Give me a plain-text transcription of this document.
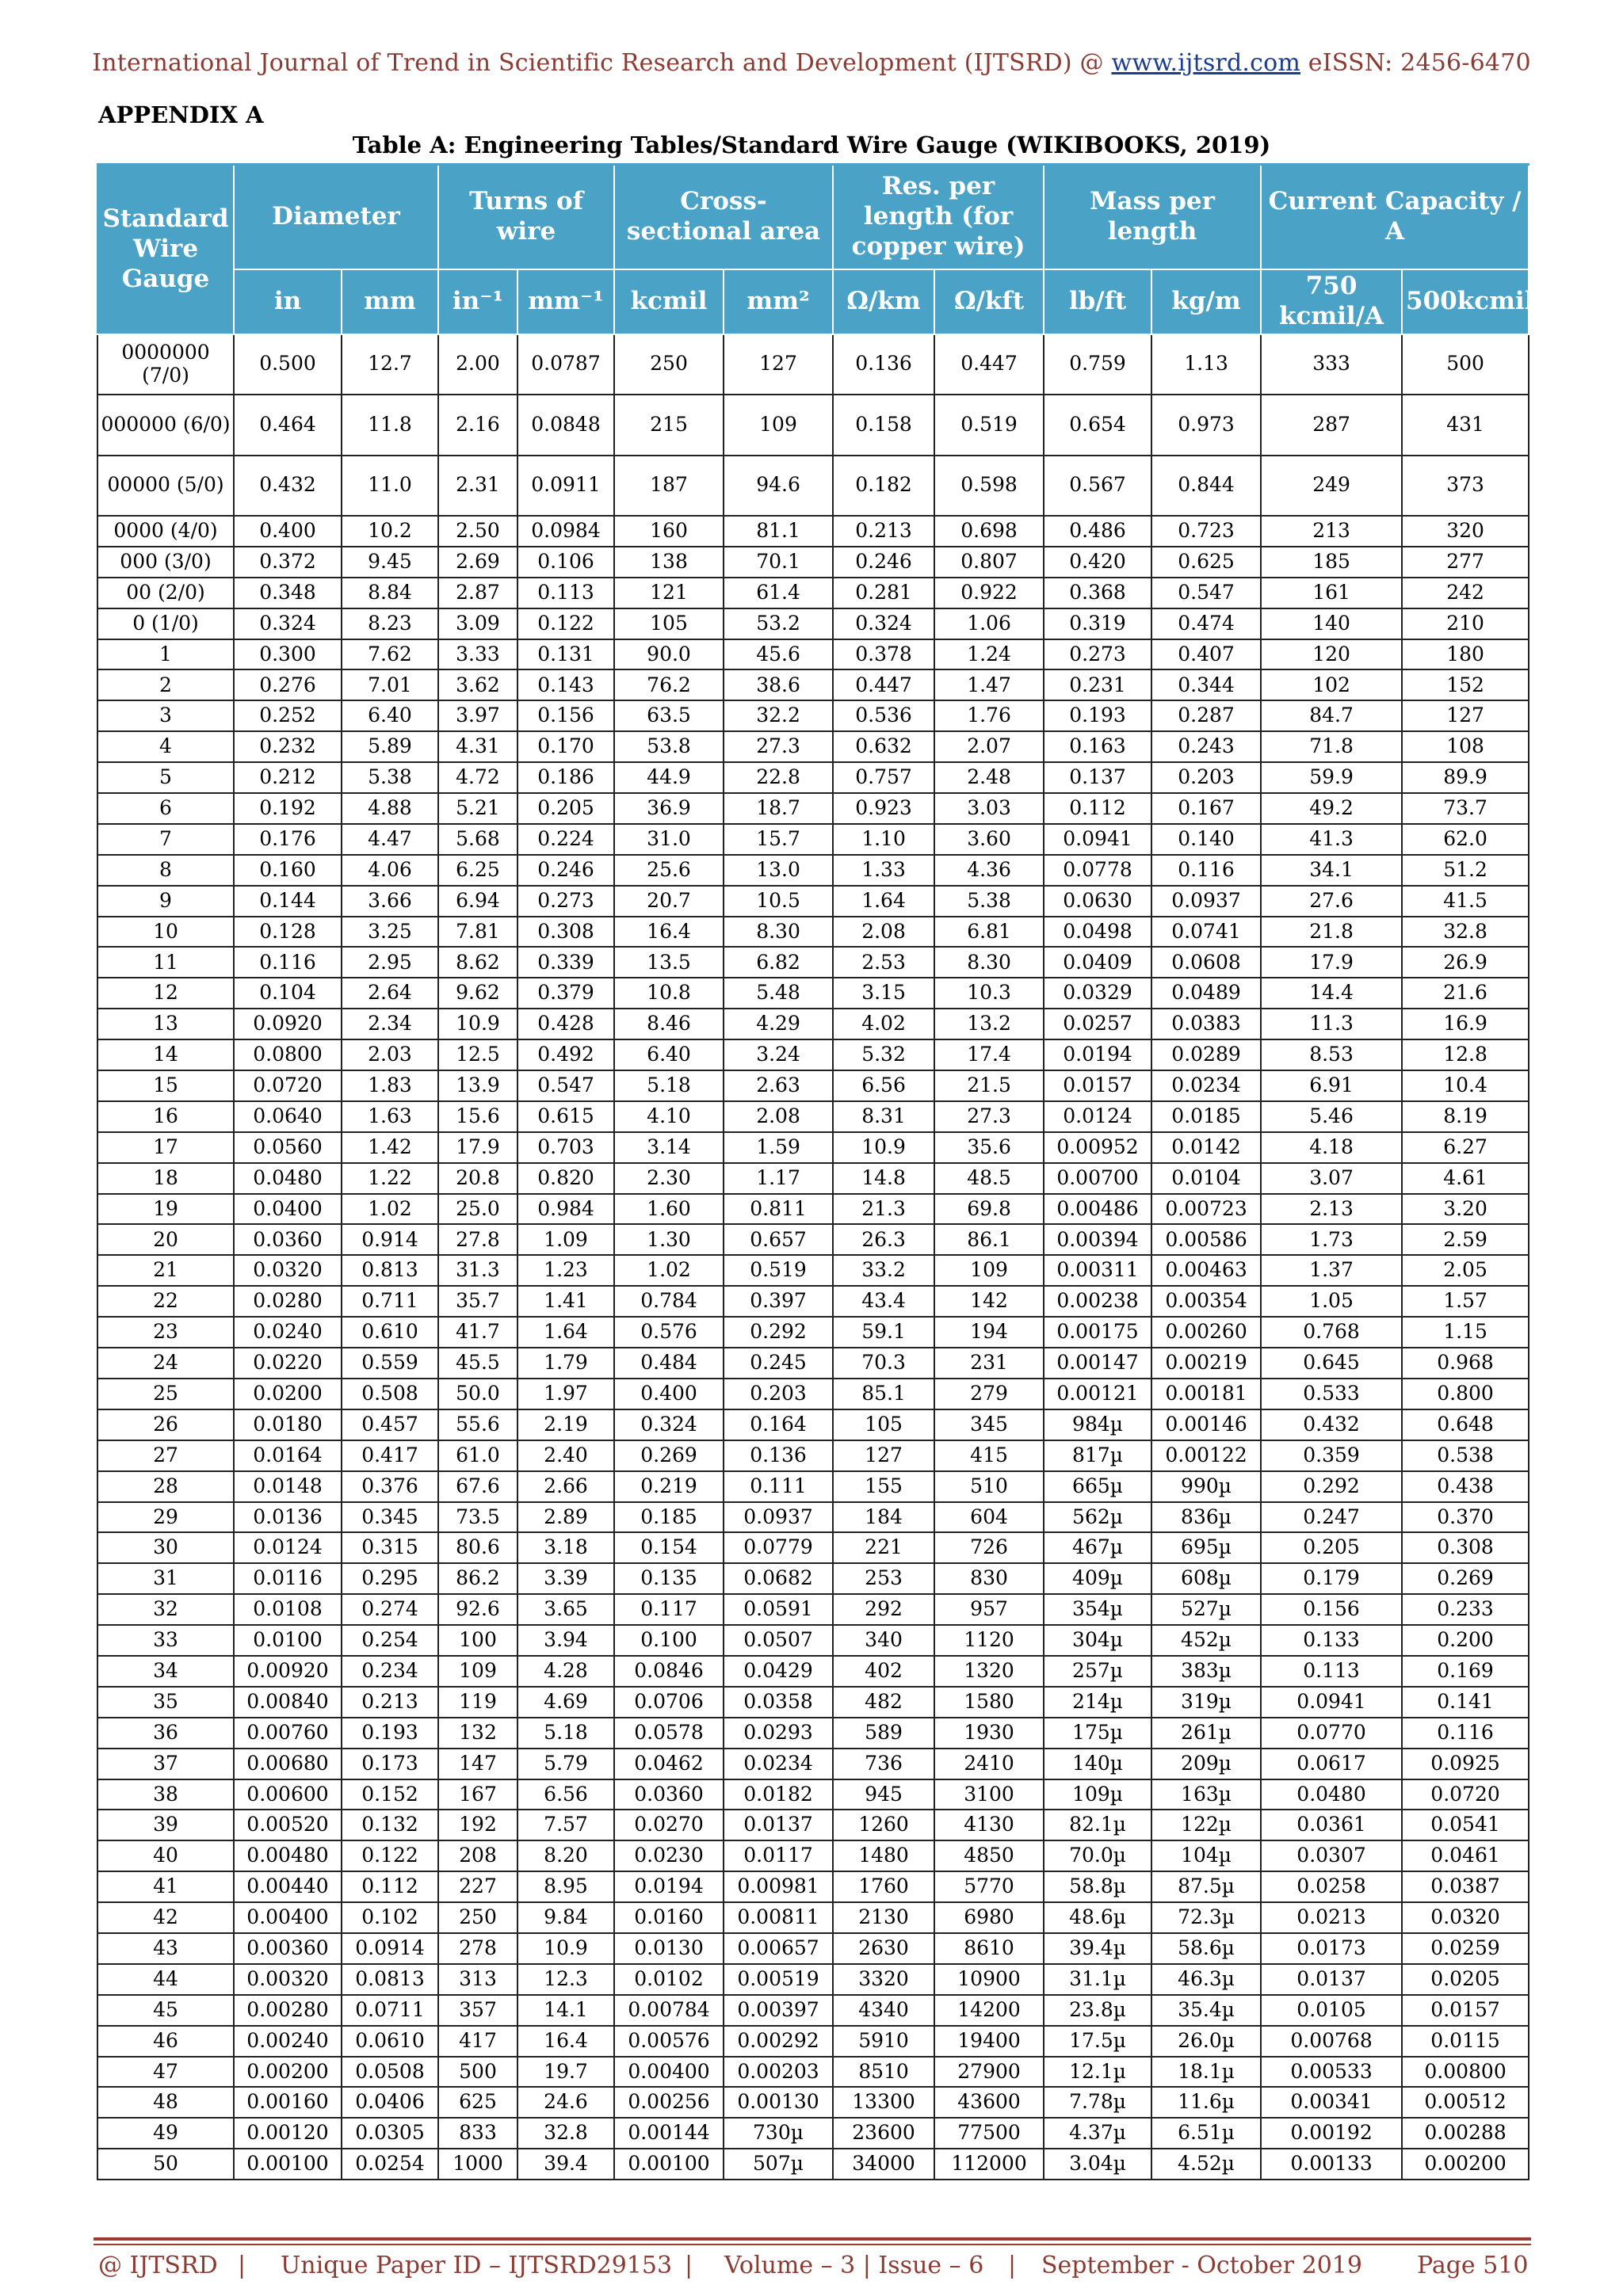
International Journal of Trend in Scientific Research and Development (IJTSRD) @ www.ijtsrd.com eISSN: 2456-6470
APPENDIX A
Table A: Engineering Tables/Standard Wire Gauge (WIKIBOOKS, 2019)
Standard Wire Gauge	Diameter		Turns of wire		Cross-sectional area		Res. per length (for copper wire)		Mass per length		Current Capacity / A	
	in	mm	in⁻¹	mm⁻¹	kcmil	mm²	Ω/km	Ω/kft	lb/ft	kg/m	750 kcmil/A	500kcmil/A
0000000 (7/0)	0.500	12.7	2.00	0.0787	250	127	0.136	0.447	0.759	1.13	333	500
000000 (6/0)	0.464	11.8	2.16	0.0848	215	109	0.158	0.519	0.654	0.973	287	431
00000 (5/0)	0.432	11.0	2.31	0.0911	187	94.6	0.182	0.598	0.567	0.844	249	373
0000 (4/0)	0.400	10.2	2.50	0.0984	160	81.1	0.213	0.698	0.486	0.723	213	320
000 (3/0)	0.372	9.45	2.69	0.106	138	70.1	0.246	0.807	0.420	0.625	185	277
00 (2/0)	0.348	8.84	2.87	0.113	121	61.4	0.281	0.922	0.368	0.547	161	242
0 (1/0)	0.324	8.23	3.09	0.122	105	53.2	0.324	1.06	0.319	0.474	140	210
1	0.300	7.62	3.33	0.131	90.0	45.6	0.378	1.24	0.273	0.407	120	180
2	0.276	7.01	3.62	0.143	76.2	38.6	0.447	1.47	0.231	0.344	102	152
3	0.252	6.40	3.97	0.156	63.5	32.2	0.536	1.76	0.193	0.287	84.7	127
4	0.232	5.89	4.31	0.170	53.8	27.3	0.632	2.07	0.163	0.243	71.8	108
5	0.212	5.38	4.72	0.186	44.9	22.8	0.757	2.48	0.137	0.203	59.9	89.9
6	0.192	4.88	5.21	0.205	36.9	18.7	0.923	3.03	0.112	0.167	49.2	73.7
7	0.176	4.47	5.68	0.224	31.0	15.7	1.10	3.60	0.0941	0.140	41.3	62.0
8	0.160	4.06	6.25	0.246	25.6	13.0	1.33	4.36	0.0778	0.116	34.1	51.2
9	0.144	3.66	6.94	0.273	20.7	10.5	1.64	5.38	0.0630	0.0937	27.6	41.5
10	0.128	3.25	7.81	0.308	16.4	8.30	2.08	6.81	0.0498	0.0741	21.8	32.8
11	0.116	2.95	8.62	0.339	13.5	6.82	2.53	8.30	0.0409	0.0608	17.9	26.9
12	0.104	2.64	9.62	0.379	10.8	5.48	3.15	10.3	0.0329	0.0489	14.4	21.6
13	0.0920	2.34	10.9	0.428	8.46	4.29	4.02	13.2	0.0257	0.0383	11.3	16.9
14	0.0800	2.03	12.5	0.492	6.40	3.24	5.32	17.4	0.0194	0.0289	8.53	12.8
15	0.0720	1.83	13.9	0.547	5.18	2.63	6.56	21.5	0.0157	0.0234	6.91	10.4
16	0.0640	1.63	15.6	0.615	4.10	2.08	8.31	27.3	0.0124	0.0185	5.46	8.19
17	0.0560	1.42	17.9	0.703	3.14	1.59	10.9	35.6	0.00952	0.0142	4.18	6.27
18	0.0480	1.22	20.8	0.820	2.30	1.17	14.8	48.5	0.00700	0.0104	3.07	4.61
19	0.0400	1.02	25.0	0.984	1.60	0.811	21.3	69.8	0.00486	0.00723	2.13	3.20
20	0.0360	0.914	27.8	1.09	1.30	0.657	26.3	86.1	0.00394	0.00586	1.73	2.59
21	0.0320	0.813	31.3	1.23	1.02	0.519	33.2	109	0.00311	0.00463	1.37	2.05
22	0.0280	0.711	35.7	1.41	0.784	0.397	43.4	142	0.00238	0.00354	1.05	1.57
23	0.0240	0.610	41.7	1.64	0.576	0.292	59.1	194	0.00175	0.00260	0.768	1.15
24	0.0220	0.559	45.5	1.79	0.484	0.245	70.3	231	0.00147	0.00219	0.645	0.968
25	0.0200	0.508	50.0	1.97	0.400	0.203	85.1	279	0.00121	0.00181	0.533	0.800
26	0.0180	0.457	55.6	2.19	0.324	0.164	105	345	984µ	0.00146	0.432	0.648
27	0.0164	0.417	61.0	2.40	0.269	0.136	127	415	817µ	0.00122	0.359	0.538
28	0.0148	0.376	67.6	2.66	0.219	0.111	155	510	665µ	990µ	0.292	0.438
29	0.0136	0.345	73.5	2.89	0.185	0.0937	184	604	562µ	836µ	0.247	0.370
30	0.0124	0.315	80.6	3.18	0.154	0.0779	221	726	467µ	695µ	0.205	0.308
31	0.0116	0.295	86.2	3.39	0.135	0.0682	253	830	409µ	608µ	0.179	0.269
32	0.0108	0.274	92.6	3.65	0.117	0.0591	292	957	354µ	527µ	0.156	0.233
33	0.0100	0.254	100	3.94	0.100	0.0507	340	1120	304µ	452µ	0.133	0.200
34	0.00920	0.234	109	4.28	0.0846	0.0429	402	1320	257µ	383µ	0.113	0.169
35	0.00840	0.213	119	4.69	0.0706	0.0358	482	1580	214µ	319µ	0.0941	0.141
36	0.00760	0.193	132	5.18	0.0578	0.0293	589	1930	175µ	261µ	0.0770	0.116
37	0.00680	0.173	147	5.79	0.0462	0.0234	736	2410	140µ	209µ	0.0617	0.0925
38	0.00600	0.152	167	6.56	0.0360	0.0182	945	3100	109µ	163µ	0.0480	0.0720
39	0.00520	0.132	192	7.57	0.0270	0.0137	1260	4130	82.1µ	122µ	0.0361	0.0541
40	0.00480	0.122	208	8.20	0.0230	0.0117	1480	4850	70.0µ	104µ	0.0307	0.0461
41	0.00440	0.112	227	8.95	0.0194	0.00981	1760	5770	58.8µ	87.5µ	0.0258	0.0387
42	0.00400	0.102	250	9.84	0.0160	0.00811	2130	6980	48.6µ	72.3µ	0.0213	0.0320
43	0.00360	0.0914	278	10.9	0.0130	0.00657	2630	8610	39.4µ	58.6µ	0.0173	0.0259
44	0.00320	0.0813	313	12.3	0.0102	0.00519	3320	10900	31.1µ	46.3µ	0.0137	0.0205
45	0.00280	0.0711	357	14.1	0.00784	0.00397	4340	14200	23.8µ	35.4µ	0.0105	0.0157
46	0.00240	0.0610	417	16.4	0.00576	0.00292	5910	19400	17.5µ	26.0µ	0.00768	0.0115
47	0.00200	0.0508	500	19.7	0.00400	0.00203	8510	27900	12.1µ	18.1µ	0.00533	0.00800
48	0.00160	0.0406	625	24.6	0.00256	0.00130	13300	43600	7.78µ	11.6µ	0.00341	0.00512
49	0.00120	0.0305	833	32.8	0.00144	730µ	23600	77500	4.37µ	6.51µ	0.00192	0.00288
50	0.00100	0.0254	1000	39.4	0.00100	507µ	34000	112000	3.04µ	4.52µ	0.00133	0.00200
@ IJTSRD | Unique Paper ID – IJTSRD29153 | Volume – 3 | Issue – 6 | September - October 2019 Page 510
